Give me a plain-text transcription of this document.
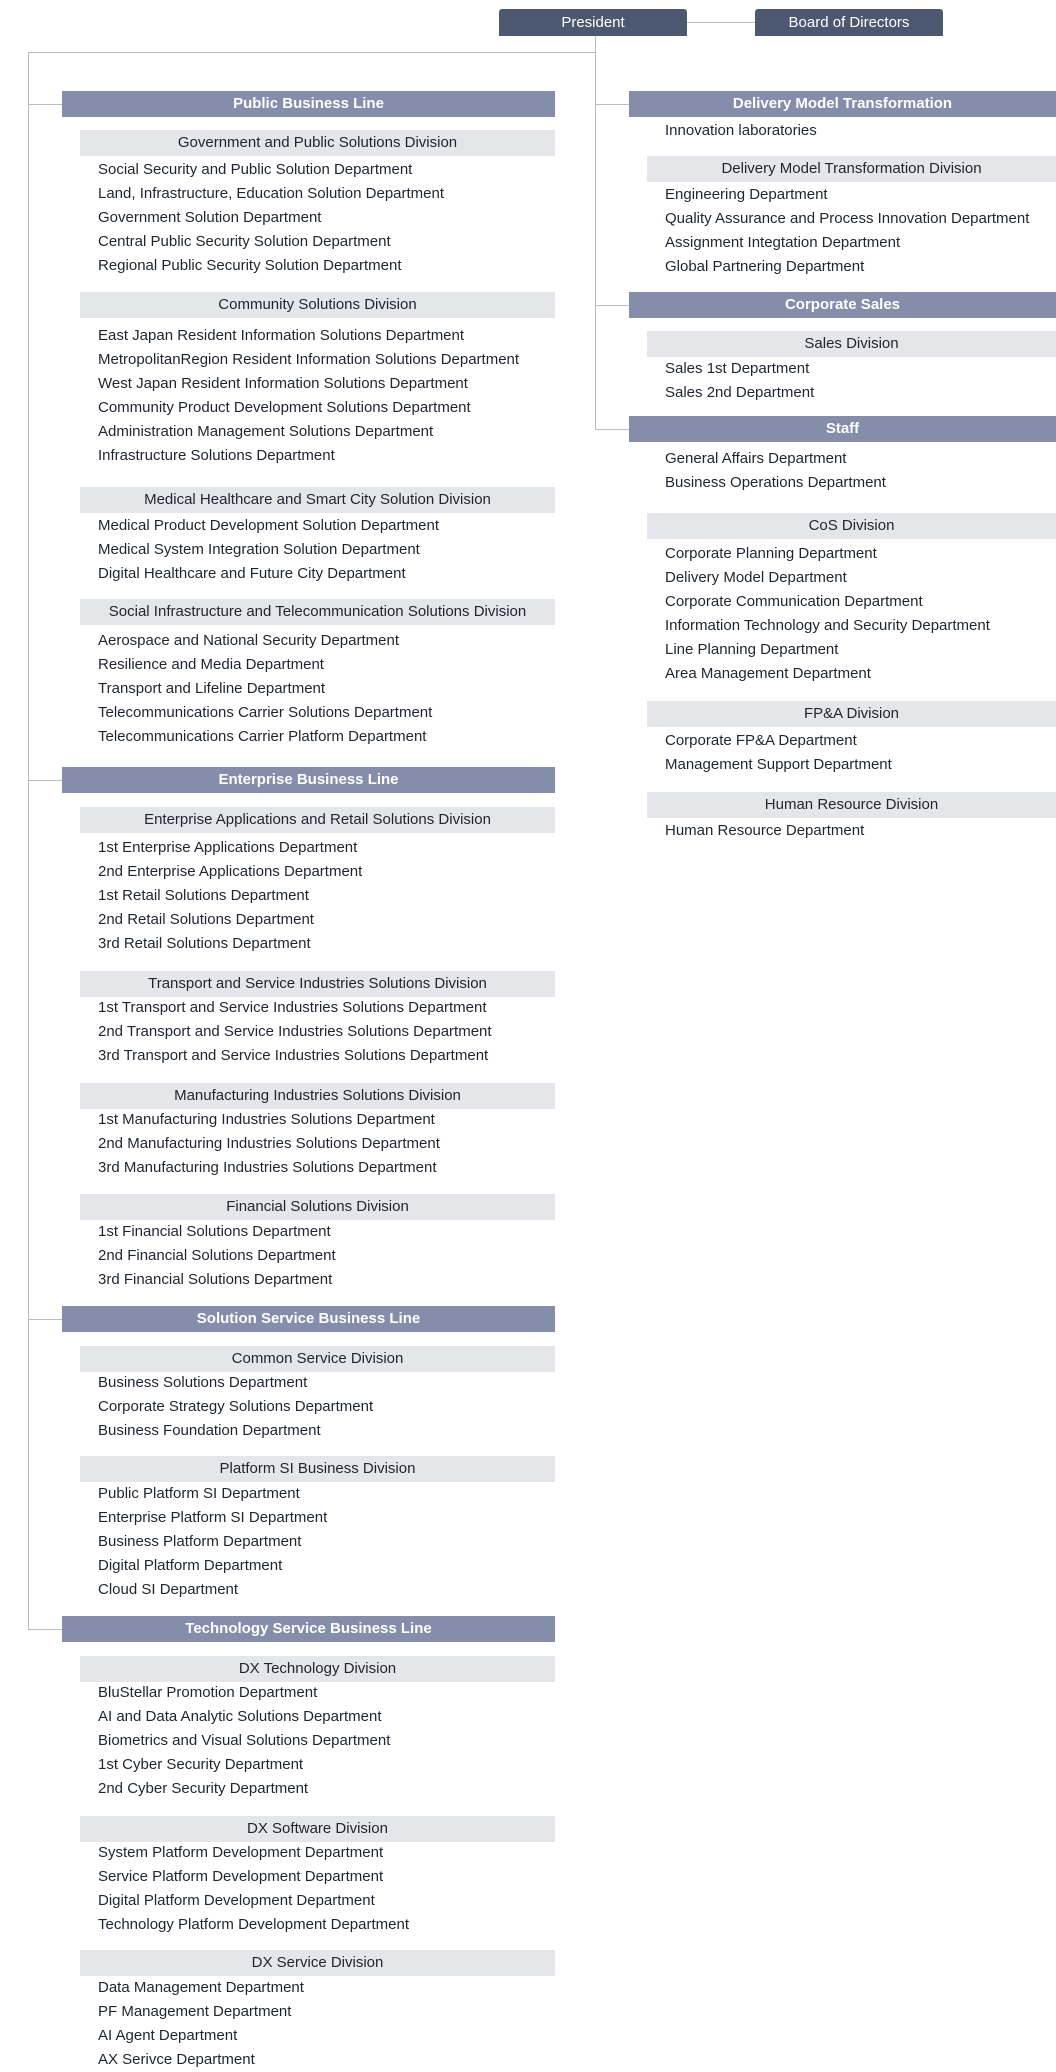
President	Board of Directors
Public Business Line
Government and Public Solutions Division
Social Security and Public Solution Department
Land, Infrastructure, Education Solution Department
Government Solution Department
Central Public Security Solution Department
Regional Public Security Solution Department
Community Solutions Division
East Japan Resident Information Solutions Department
MetropolitanRegion Resident Information Solutions Department
West Japan Resident Information Solutions Department
Community Product Development Solutions Department
Administration Management Solutions Department
Infrastructure Solutions Department
Medical Healthcare and Smart City Solution Division
Medical Product Development Solution Department
Medical System Integration Solution Department
Digital Healthcare and Future City Department
Social Infrastructure and Telecommunication Solutions Division
Aerospace and National Security Department
Resilience and Media Department
Transport and Lifeline Department
Telecommunications Carrier Solutions Department
Telecommunications Carrier Platform Department
Enterprise Business Line
Enterprise Applications and Retail Solutions Division
1st Enterprise Applications Department
2nd Enterprise Applications Department
1st Retail Solutions Department
2nd Retail Solutions Department
3rd Retail Solutions Department
Transport and Service Industries Solutions Division
1st Transport and Service Industries Solutions Department
2nd Transport and Service Industries Solutions Department
3rd Transport and Service Industries Solutions Department
Manufacturing Industries Solutions Division
1st Manufacturing Industries Solutions Department
2nd Manufacturing Industries Solutions Department
3rd Manufacturing Industries Solutions Department
Financial Solutions Division
1st Financial Solutions Department
2nd Financial Solutions Department
3rd Financial Solutions Department
Solution Service Business Line
Common Service Division
Business Solutions Department
Corporate Strategy Solutions Department
Business Foundation Department
Platform SI Business Division
Public Platform SI Department
Enterprise Platform SI Department
Business Platform Department
Digital Platform Department
Cloud SI Department
Technology Service Business Line
DX Technology Division
BluStellar Promotion Department
AI and Data Analytic Solutions Department
Biometrics and Visual Solutions Department
1st Cyber Security Department
2nd Cyber Security Department
DX Software Division
System Platform Development Department
Service Platform Development Department
Digital Platform Development Department
Technology Platform Development Department
DX Service Division
Data Management Department
PF Management Department
AI Agent Department
AX Serivce Department
Delivery Model Transformation
Innovation laboratories
Delivery Model Transformation Division
Engineering Department
Quality Assurance and Process Innovation Department
Assignment Integtation Department
Global Partnering Department
Corporate Sales
Sales Division
Sales 1st Department
Sales 2nd Department
Staff
General Affairs Department
Business Operations Department
CoS Division
Corporate Planning Department
Delivery Model Department
Corporate Communication Department
Information Technology and Security Department
Line Planning Department
Area Management Department
FP&A Division
Corporate FP&A Department
Management Support Department
Human Resource Division
Human Resource Department
